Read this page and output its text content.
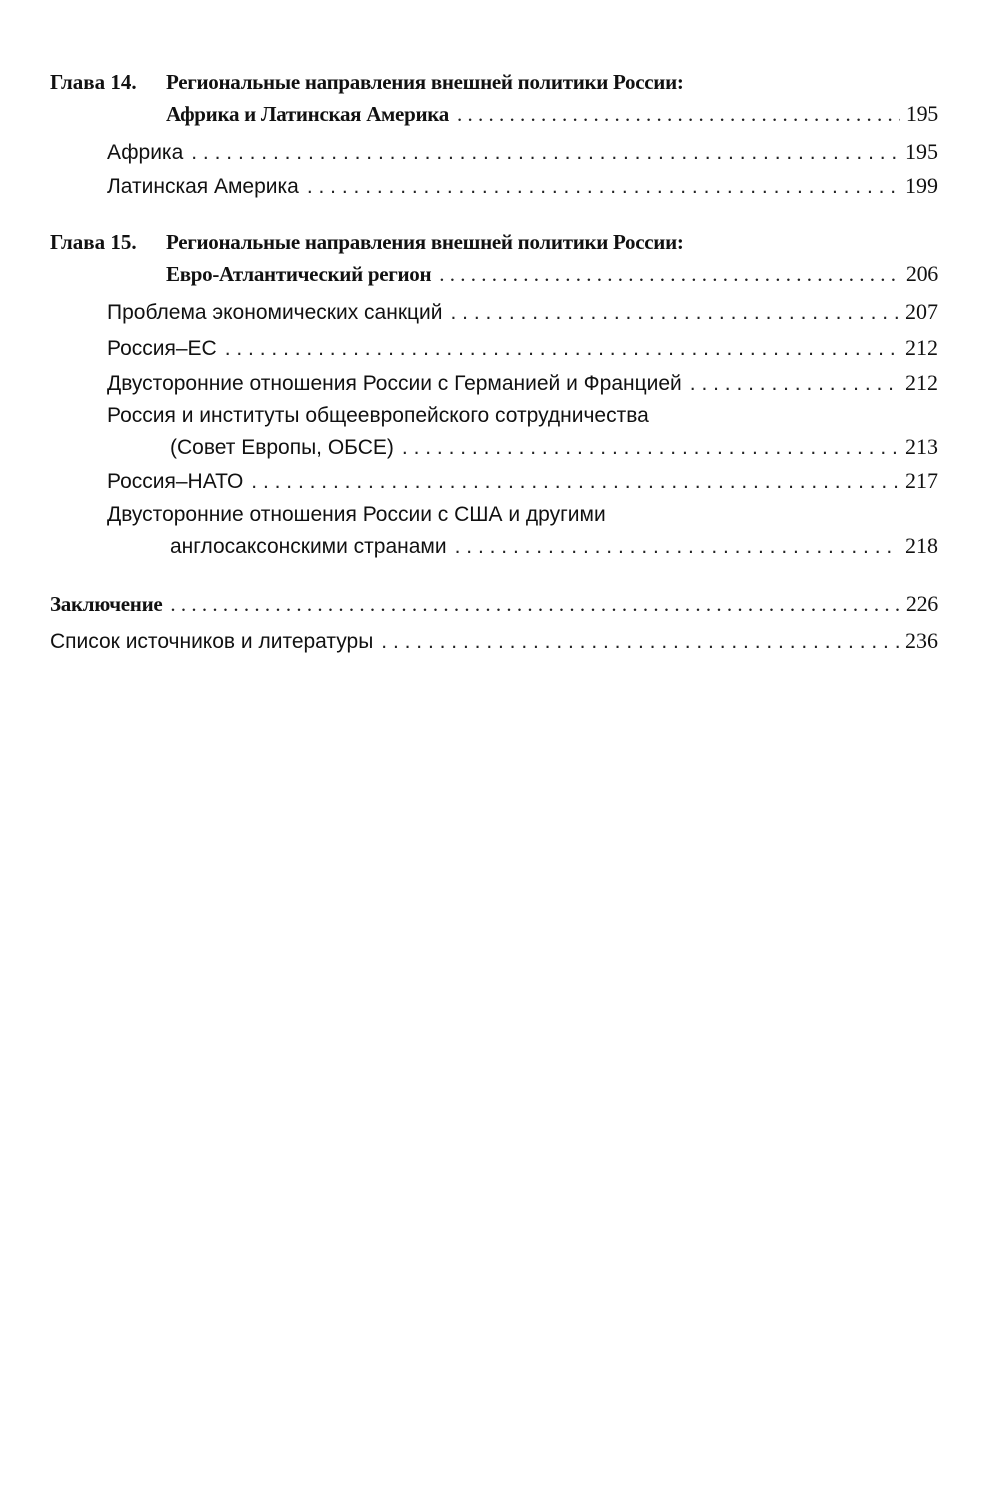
Глава 14. Региональные направления внешней политики России:
Африка и Латинская Америка . . .	195
Африка . . .	195
Латинская Америка . . .	199
Глава 15. Региональные направления внешней политики России:
Евро-Атлантический регион . . .	206
Проблема экономических санкций . . .	207
Россия–ЕС . . .	212
Двусторонние отношения России с Германией и Францией . . .	212
Россия и институты общеевропейского сотрудничества
(Совет Европы, ОБСЕ) . . .	213
Россия–НАТО . . .	217
Двусторонние отношения России с США и другими
англосаксонскими странами . . .	218
Заключение . . .	226
Список источников и литературы . . .	236
